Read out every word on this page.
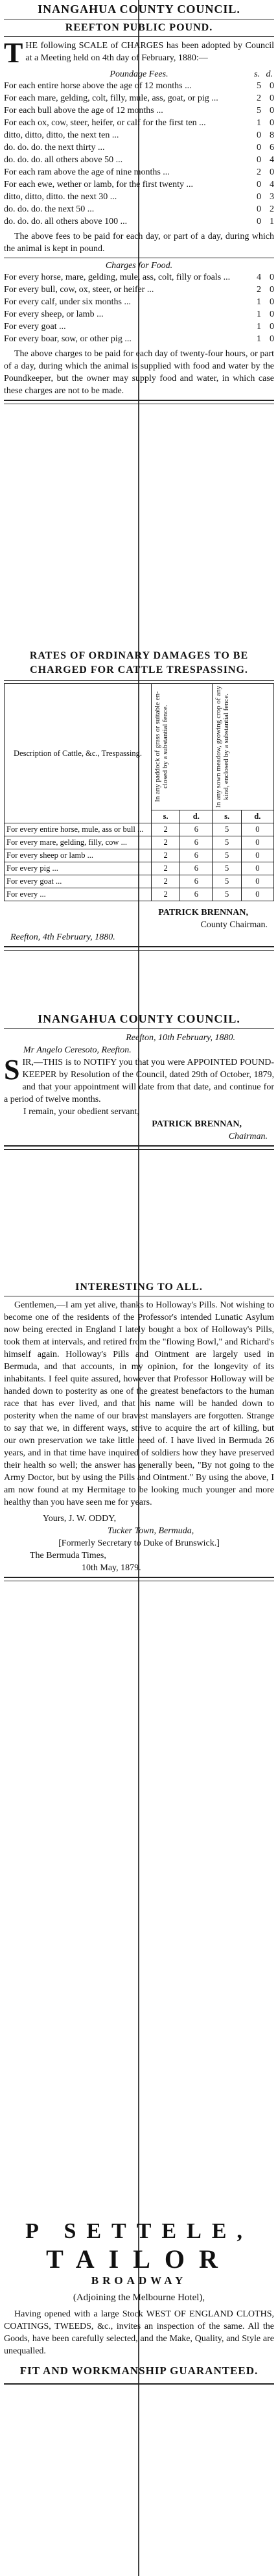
INANGAHUA COUNTY COUNCIL.
REEFTON PUBLIC POUND.
T HE following SCALE of CHARGES has been adopted by Council at a Meeting held on 4th day of February, 1880:—
Poundage Fees.	s. d.
For each entire horse above the age of 12 months ...	5 0
For each mare, gelding, colt, filly, mule, ass, goat, or pig ...	2 0
For each bull above the age of 12 months ...	5 0
For each ox, cow, steer, heifer, or calf for the first ten ...	1 0
ditto, ditto, ditto, the next ten ...	0 8
do. do. do. the next thirty ...	0 6
do. do. do. all others above 50 ...	0 4
For each ram above the age of nine months ...	2 0
For each ewe, wether or lamb, for the first twenty ...	0 4
ditto, ditto, ditto. the next 30 ...	0 3
do. do. do. the next 50 ...	0 2
do. do. do. all others above 100 ...	0 1
The above fees to be paid for each day, or part of a day, during which the animal is kept in pound.
Charges for Food.
For every horse, mare, gelding, mule, ass, colt, filly or foals ...	4 0
For every bull, cow, ox, steer, or heifer ...	2 0
For every calf, under six months ...	1 0
For every sheep, or lamb ...	1 0
For every goat ...	1 0
For every boar, sow, or other pig ...	1 0
The above charges to be paid for each day of twenty-four hours, or part of a day, during which the animal is supplied with food and water by the Poundkeeper, but the owner may supply food and water, in which case these charges are not to be made.
RATES OF ORDINARY DAMAGES TO BE CHARGED FOR CATTLE TRESPASSING.
Description of Cattle, &c., Trespassing.	In any paddock of grass or suitable en-closed by a substantial fence.		In any sown meadow, growing crop of any kind, enclosed by a substantial fence.	

	s.	d.	s.	d.
For every entire horse, mule, ass or bull ...	2	6	5	0
For every mare, gelding, filly, cow ...	2	6	5	0
For every sheep or lamb ...	2	6	5	0
For every pig ...	2	6	5	0
For every goat ...	2	6	5	0
For every ...	2	6	5	0
PATRICK BRENNAN,
County Chairman.
Reefton, 4th February, 1880.
INANGAHUA COUNTY COUNCIL.
Reefton, 10th February, 1880.
Mr Angelo Ceresoto, Reefton.
S IR,—THIS is to NOTIFY you that you were APPOINTED POUND-KEEPER by Resolution of the Council, dated 29th of October, 1879, and that your appointment will date from that date, and continue for a period of twelve months.
I remain, your obedient servant,
PATRICK BRENNAN,
Chairman.
INTERESTING TO ALL.
Gentlemen,—I am yet alive, thanks to Holloway's Pills. Not wishing to become one of the residents of the Professor's intended Lunatic Asylum now being erected in England I lately bought a box of Holloway's Pills, took them at intervals, and retired from the "flowing Bowl," and Richard's himself again. Holloway's Pills and Ointment are largely used in Bermuda, and that accounts, in my opinion, for the longevity of its inhabitants. I feel quite assured, however that Professor Holloway will be handed down to posterity as one of the greatest benefactors to the human race that has ever lived, and that his name will be handed down to posterity when the name of our bravest manslayers are forgotten. Strange to say that we, in different ways, strive to acquire the art of killing, but our own preservation we take little heed of. I have lived in Bermuda 26 years, and in that time have inquired of soldiers how they have preserved their health so well; the answer has generally been, "By not going to the Army Doctor, but by using the Pills and Ointment." By using the above, I am now found at my Hermitage to be looking much younger and more healthy than you have seen me for years.
Yours, J. W. ODDY,
Tucker Town, Bermuda,
[Formerly Secretary to Duke of Brunswick.]
The Bermuda Times,
10th May, 1879.
P SETTELE,
TAILOR
BROADWAY
(Adjoining the Melbourne Hotel),
Having opened with a large Stock WEST OF ENGLAND CLOTHS, COATINGS, TWEEDS, &c., invites an inspection of the same. All the Goods, have been carefully selected, and the Make, Quality, and Style are unequalled.
FIT AND WORKMANSHIP GUARANTEED.
